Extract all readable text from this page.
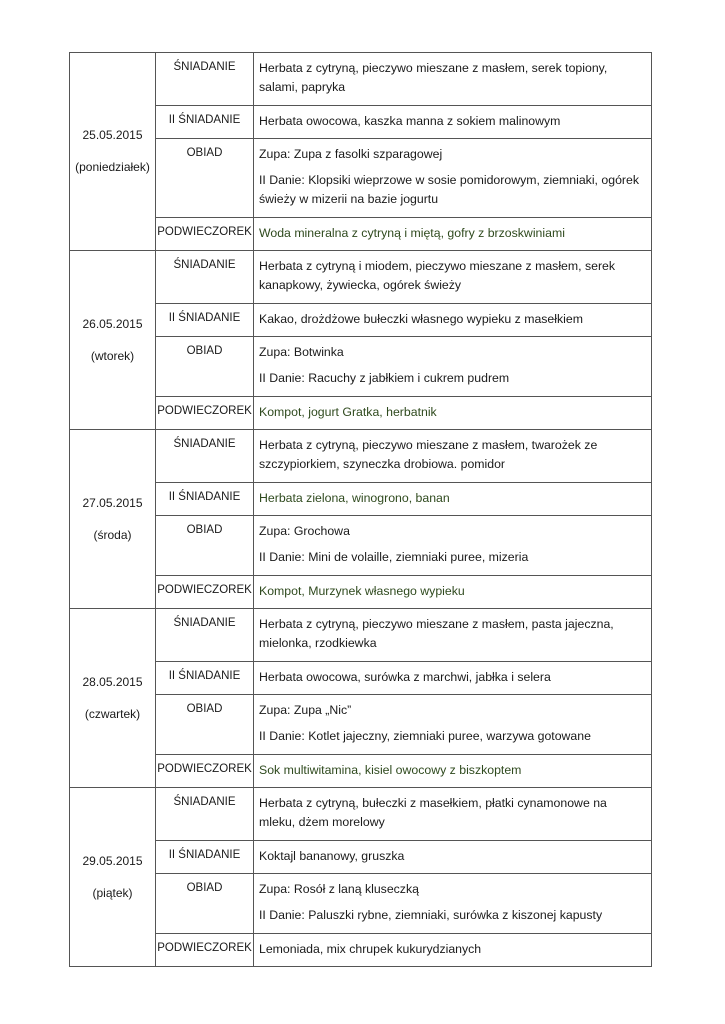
25.05.2015
(poniedziałek)	ŚNIADANIE	Herbata z cytryną, pieczywo mieszane z masłem, serek topiony, salami, papryka
	II ŚNIADANIE	Herbata owocowa, kaszka manna z sokiem malinowym
	OBIAD	Zupa: Zupa z fasolki szparagowej
II Danie: Klopsiki wieprzowe w sosie pomidorowym, ziemniaki, ogórek świeży w mizerii na bazie jogurtu

	PODWIECZOREK	Woda mineralna z cytryną i miętą, gofry z brzoskwiniami

26.05.2015
(wtorek)	ŚNIADANIE	Herbata z cytryną i miodem, pieczywo mieszane z masłem, serek kanapkowy, żywiecka, ogórek świeży
	II ŚNIADANIE	Kakao, drożdżowe bułeczki własnego wypieku z masełkiem
	OBIAD	Zupa: Botwinka
II Danie: Racuchy z jabłkiem i cukrem pudrem

	PODWIECZOREK	Kompot, jogurt Gratka, herbatnik

27.05.2015
(środa)	ŚNIADANIE	Herbata z cytryną, pieczywo mieszane z masłem, twarożek ze szczypiorkiem, szyneczka drobiowa. pomidor
	II ŚNIADANIE	Herbata zielona, winogrono, banan
	OBIAD	Zupa: Grochowa
II Danie: Mini de volaille, ziemniaki puree, mizeria

	PODWIECZOREK	Kompot, Murzynek własnego wypieku

28.05.2015
(czwartek)	ŚNIADANIE	Herbata z cytryną, pieczywo mieszane z masłem, pasta jajeczna, mielonka, rzodkiewka
	II ŚNIADANIE	Herbata owocowa, surówka z marchwi, jabłka i selera
	OBIAD	Zupa: Zupa „Nic”
II Danie: Kotlet jajeczny, ziemniaki puree, warzywa gotowane

	PODWIECZOREK	Sok multiwitamina, kisiel owocowy z biszkoptem

29.05.2015
(piątek)	ŚNIADANIE	Herbata z cytryną, bułeczki z masełkiem, płatki cynamonowe na mleku, dżem morelowy
	II ŚNIADANIE	Koktajl bananowy, gruszka
	OBIAD	Zupa: Rosół z laną kluseczką
II Danie: Paluszki rybne, ziemniaki, surówka z kiszonej kapusty

	PODWIECZOREK	Lemoniada, mix chrupek kukurydzianych
